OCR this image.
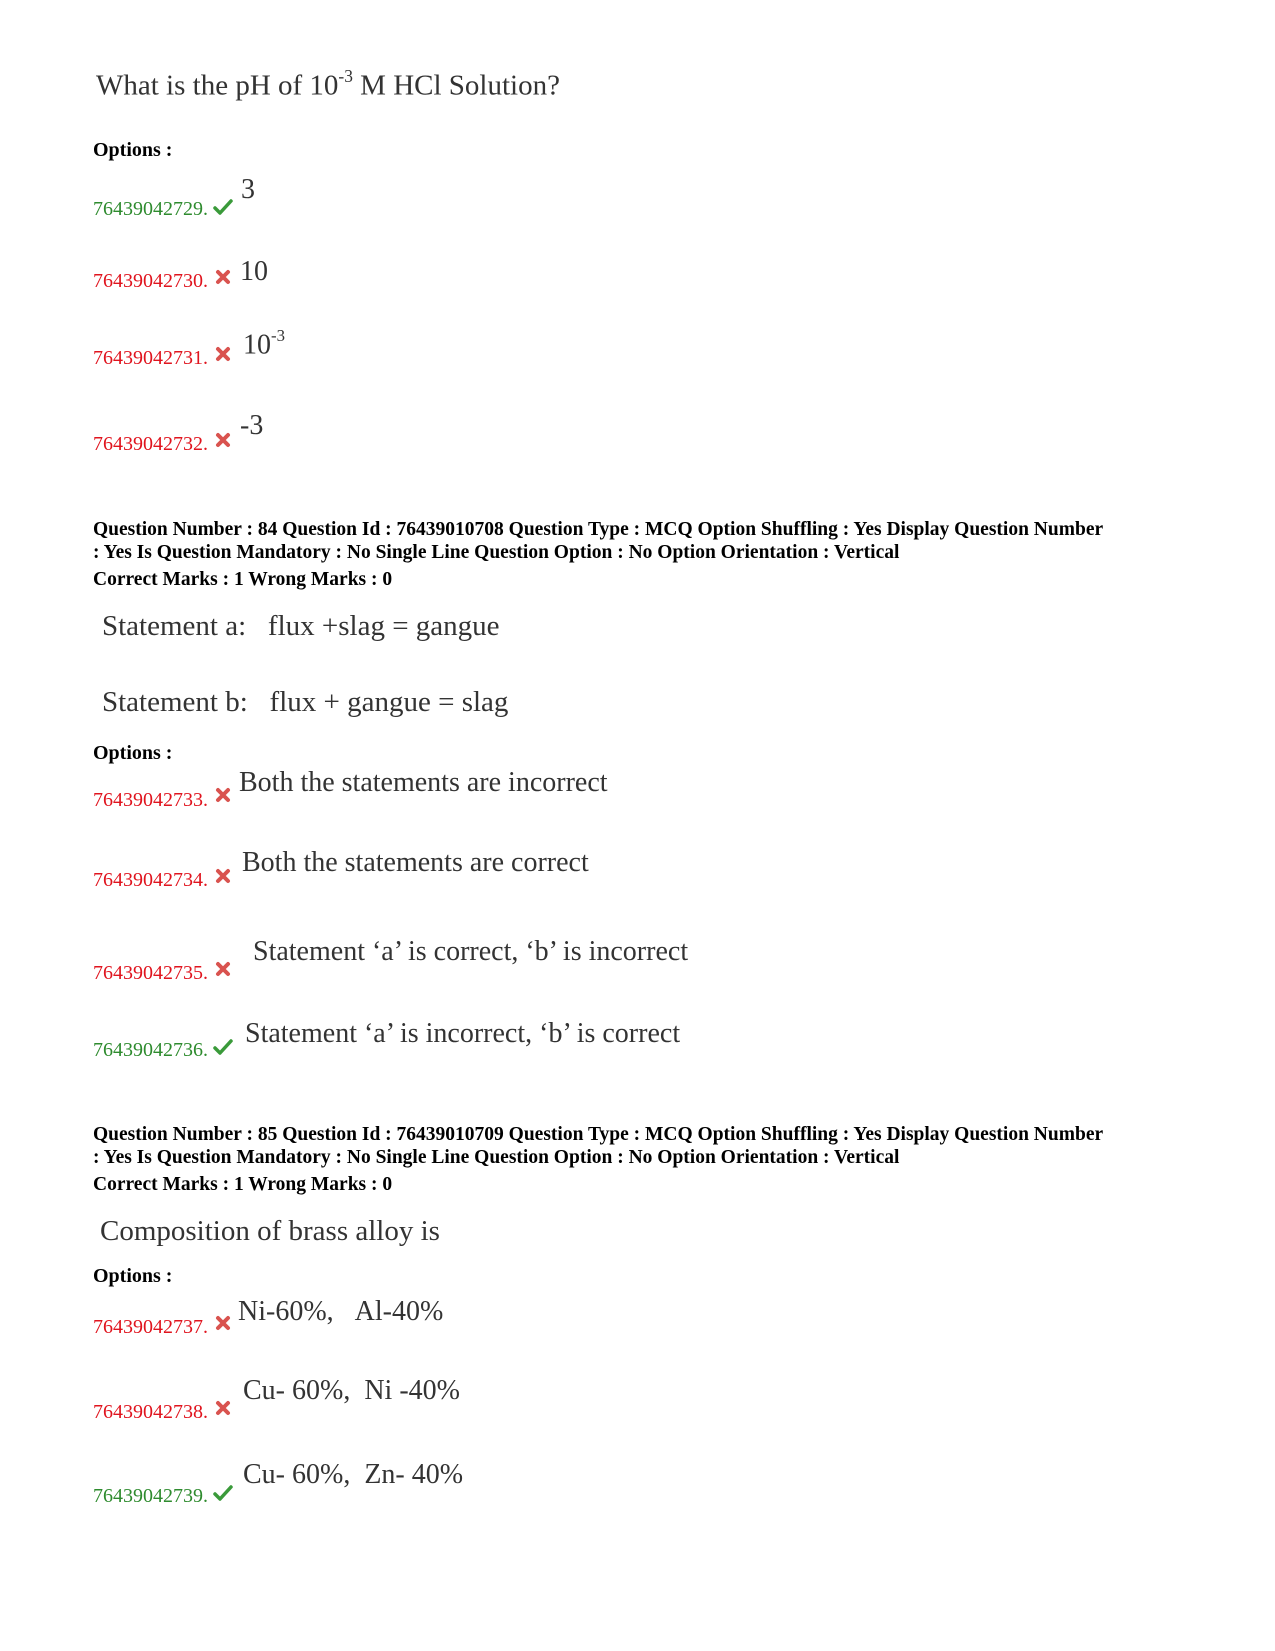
What is the pH of $10^{-3}$ M HCl Solution?
Options :
76439042729.
3
76439042730. 10
76439042731. $10^{-3}$
76439042732.
-3
Question Number : 84 Question Id : 76439010708 Question Type : MCQ Option Shuffling : Yes Display Question Number
: Yes Is Question Mandatory : No Single Line Question Option : No Option Orientation : Vertical
Correct Marks : 1 Wrong Marks : 0
Statement a: flux +slag = gangue
Statement b: flux + gangue = slag
Options :
76439042733.
Both the statements are incorrect
76439042734.
Both the statements are correct
76439042735.
Statement ‘a’ is correct, ‘b’ is incorrect
76439042736.
Statement ‘a’ is incorrect, ‘b’ is correct
Question Number : 85 Question Id : 76439010709 Question Type : MCQ Option Shuffling : Yes Display Question Number
: Yes Is Question Mandatory : No Single Line Question Option : No Option Orientation : Vertical
Correct Marks : 1 Wrong Marks : 0
Composition of brass alloy is
Options :
76439042737. Ni-60%,   Al-40%
76439042738.
Cu- 60%,  Ni -40%
76439042739.
Cu- 60%,  Zn- 40%
